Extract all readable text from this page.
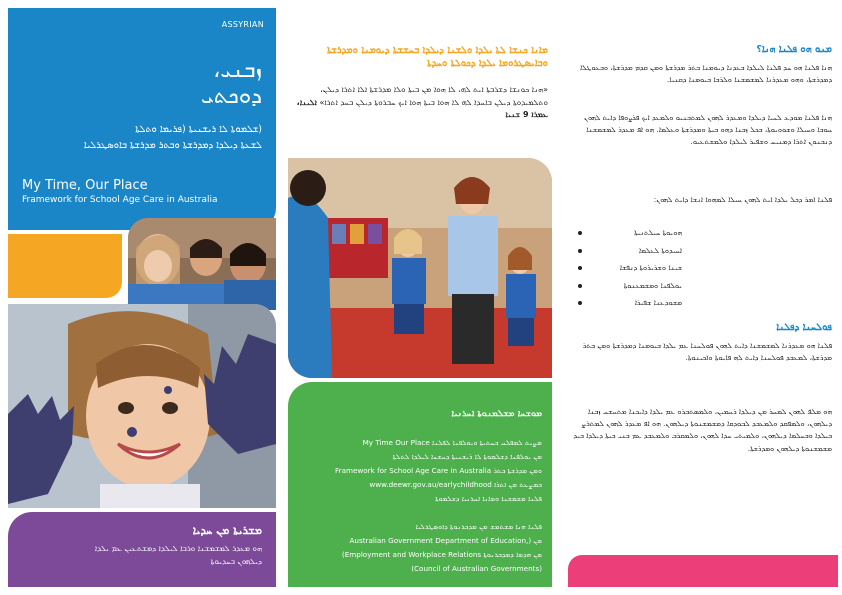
ASSYRIAN
ܙܒܢܝ،
ܕܘܟܬܝ
(ܫܠܡܘܬܐ ܠܐ ܪܝܫܢܝܬܐ (ܦܪܝܡܐ ܘܬܠܬܐ
ܠܫܥܬܐ ܕܝܠܕܐ ܕܡܕܪܫܬܐ ܘܒܬܪ ܡܕܪܫܬܐ ܒܐܘܣܛܪܠܝܐ
My Time, Our Place
Framework for School Age Care in Australia
ܡܫܪܝܬܐ ܡܢ ܚܕܝܐ
ܗܘ ܡܥܕܪ ܠܡܫܡܫܢܐ ܘܪܒܐ ܠܝܠܕܐ ܕܡܫܬܥܝܢ ܥܡ ܝܠܕܐ
ܕܝܠܗܘܢ ܒܚܕܝܘܬܐ
ܡܐܢܐ ܟܢܫܐ ܠܬܐ ܝܠܕܐ ܘܠܫܢܐ ܕܝܠܕܐ ܒܚܫܫܬܐ ܕܝܘܡܢܐ ܘܡܕܪܫܬܐ ܘܒܐܝܣܛܪܘܡܐ ܝܠܕܐ ܕܟܘܠܬܐ ܘܚܕܬܐ
«ܗܢܐ ܟܘܢܫܐ ܕܫܪܒܬܐ ܐܝܬ ܠܗ، ܠܐ ܗܘܐ ܡܢ ܒܝܬܐ ܘܠܐ ܡܕܪܫܬܐ ܐܠܐ ܐܬܪܐ ܕܝܠܢ، ܘܬܠܡܝܕܘܬܐ ܕܝܠܢ ܒܐܚܕܐ ܠܗ ܠܐ ܗܘܐ ܒܝܬܐ ܗܘܐ ܐܝܟ ܚܒܪܘܬܐ ܕܝܠܢ ܒܚܕ ܐܬܪܐ» ܐܠܝܢܐ، ܥܡܪܐ 9 ܫܢܝܐ
ܡܘܫܚܐ ܡܫܠܡܢܘܬܐ ܐܚܪܢܝܐ
My Time Our Place ܡܨܝܬ ܠܡܦܠܚ ܒܚܬܝܬܐ ܘܝܘܠܦܢܐ ܠܦܠܢܐ
ܡܢ ܝܘܠܦܢܐ ܕܫܠܡܘܬܐ ܠܐ ܪܝܫܢܝܬܐ ܕܚܫܚܐ ܠܝܠܕܐ ܠܬܠܬܐ
Framework for School Age Care in Australia ܘܡܢ ܡܕܪܫܬܐ ܒܬܪ
www.deewr.gov.au/earlychildhood ܒܡܨܥܬ ܡܢ ܐܬܪܐ
ܦܠܢܐ ܡܫܡܫܢܐ ܘܡܐܢܐ ܐܚܪܢܝܐ ܕܫܠܡܘܬܐ
ܦܠܢܐ ܗܢܐ ܡܫܬܡܫ ܡܢ ܡܕܒܪܢܘܬܐ ܕܐܘܣܛܪܠܝܐ
Australian Government Department of Education,) ܡܢ
(Employment and Workplace Relations ܡܢ ܗܕܡܐ ܕܡܕܒܪܢܘܬܐ
(Council of Australian Governments)
ܡܢܘ ܗܘ ܦܠܢܐ ܗܢܐ؟
ܗܢܐ ܦܠܢܐ ܗܘ ܚܕ ܦܠܢܐ ܠܝܠܕܐ ܒܥܕܢܐ ܕܝܘܡܢܐ ܒܬܪ ܡܕܪܫܬܐ ܘܡܢ ܩܕܡ ܡܕܪܫܬܐ، ܘܒܥܘܛܠܐ ܕܡܕܪܫܬܐ، ܘܗܘ ܡܥܕܪܢܐ ܠܡܫܡܫܢܐ ܘܠܪܒܐ ܒܝܘܡܢܐ ܕܩܢܝܐ.
ܗܢܐ ܦܠܢܐ ܡܘܕܥ ܠܚܝܐ ܕܝܠܕܐ ܘܡܥܕܪ ܠܗܘܢ ܠܡܬܒܢܝܘ ܘܠܡܥܕ ܐܝܟ ܦܪܨܘܦܐ ܕܐܝܬ ܠܗܘܢ ܚܘܒܐ ܘܚܝܠܐ ܘܫܘܘܝܘܬܐ، ܒܟܠ ܙܒܢܐ ܕܗܘ ܒܝܬܐ ܘܡܕܪܫܬܐ ܘܥܠܡܐ. ܗܘ ܐܦ ܡܥܕܪ ܠܡܫܡܫܢܐ ܕܢܒܢܘܢ ܐܬܪܐ ܕܡܢܝܚ ܘܫܦܝܪ ܠܝܠܕܐ ܘܠܡܫܬܥܝܘ.
ܦܠܢܐ ܐܡܪ ܕܟܠ ܝܠܕܐ ܐܝܬ ܠܗܘܢ ܚܝܠܐ ܠܡܗܘܐ ܐܢܫܐ ܕܐܝܬ ܠܗܘܢ:
ܗܘܝܘܬܐ ܚܝܠܬܢܝܬܐ
ܐܚܝܕܘܬܐ ܠܥܠܡܐ
ܫܝܢܐ ܘܫܪܝܪܘܬܐ ܕܢܦܫܐ
ܝܘܠܦܢܐ ܘܡܫܡܥܢܘܬܐ
ܡܫܘܕܥܢܐ ܫܦܝܪܐ
ܦܘܠܚܢܐ ܕܦܠܢܐ
ܦܠܢܐ ܗܘ ܡܥܕܪܢܐ ܠܡܫܡܫܢܐ ܕܐܝܬ ܠܗܘܢ ܦܘܠܚܢܐ ܥܡ ܝܠܕܐ ܒܝܘܡܢܐ ܕܡܕܪܫܬܐ ܘܡܢ ܒܬܪ ܡܕܪܫܬܐ، ܠܡܥܒܕ ܦܘܠܚܢܐ ܕܐܝܬ ܠܗ ܦܐܝܘܬܐ ܘܐܟܝܢܘܬܐ.
ܗܘ ܡܠܦ ܠܗܘܢ ܠܡܚܪ ܡܢ ܕܝܠܕܐ ܪܚܡܝܢ، ܘܠܡܣܬܒܪܘ ܥܡ ܝܠܕܐ ܕܐܝܟܢܐ ܡܬܚܫܚ ܙܒܢܐ ܕܝܠܗܘܢ، ܘܠܡܦܩܕ ܘܠܡܥܒܕ ܠܒܘܕܩܐ ܕܡܫܡܫܢܘܬܐ ܕܝܠܗܘܢ. ܗܘ ܐܦ ܡܥܕܪ ܠܗܘܢ ܠܡܬܪܨ ܒܝܠܕܐ ܘܒܚܠܡܐ ܕܝܠܗܘܢ، ܘܠܡܝܬܝ ܚܕܐ ܠܗܘܢ، ܘܠܡܩܪܒ ܘܠܡܥܒܕ ܥܡ ܒܢܝ ܒܝܬܐ ܕܝܠܕܐ ܒܝܕ ܡܫܡܫܢܘܬܐ ܕܝܠܗܘܢ ܘܡܕܪܫܬܐ.
